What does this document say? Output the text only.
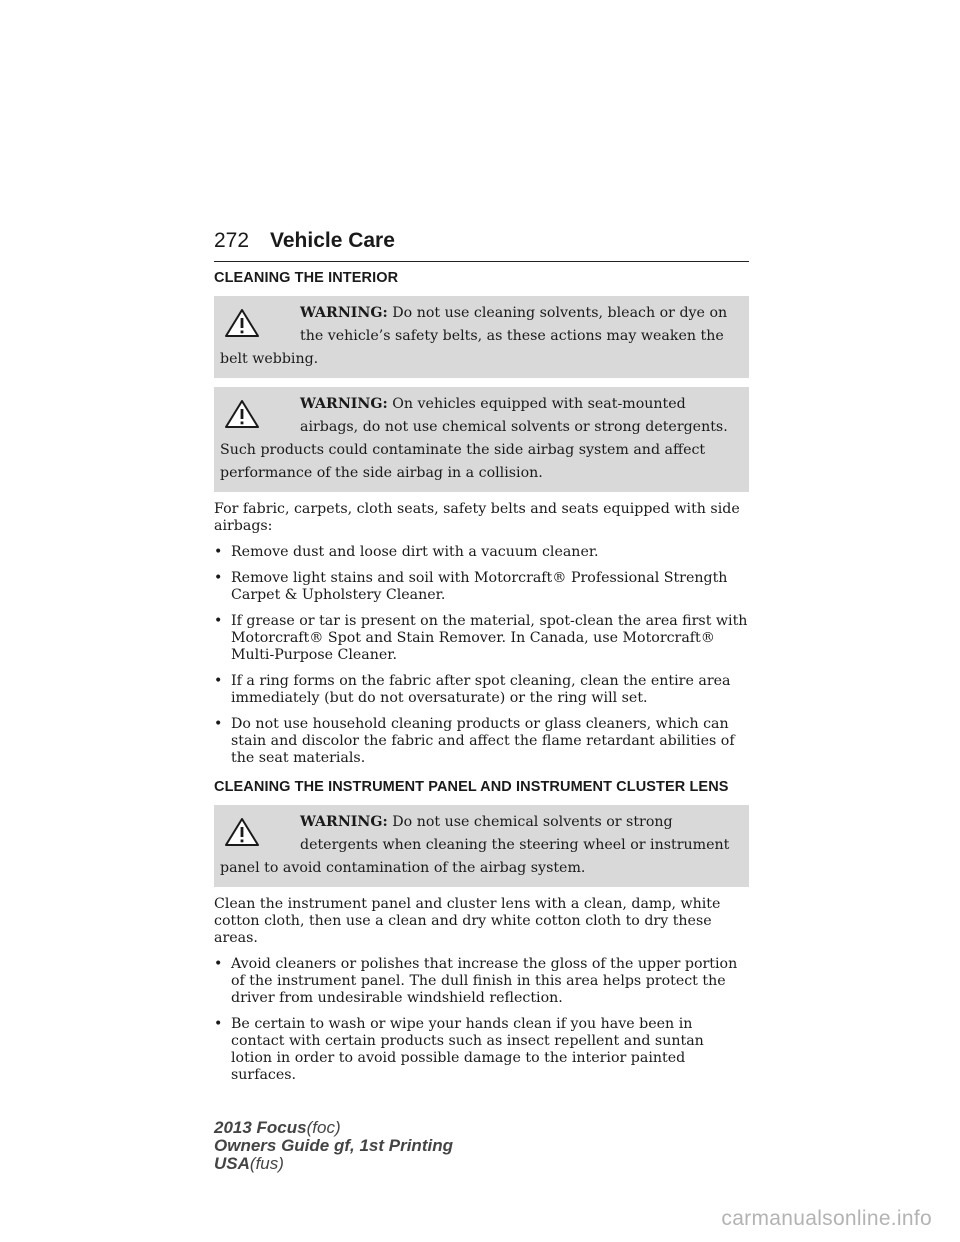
272 Vehicle Care
CLEANING THE INTERIOR
WARNING: Do not use cleaning solvents, bleach or dye on the vehicle’s safety belts, as these actions may weaken the belt webbing.
WARNING: On vehicles equipped with seat-mounted airbags, do not use chemical solvents or strong detergents. Such products could contaminate the side airbag system and affect performance of the side airbag in a collision.

For fabric, carpets, cloth seats, safety belts and seats equipped with side airbags:

• Remove dust and loose dirt with a vacuum cleaner.
• Remove light stains and soil with Motorcraft® Professional Strength Carpet & Upholstery Cleaner.
• If grease or tar is present on the material, spot-clean the area first with Motorcraft® Spot and Stain Remover. In Canada, use Motorcraft® Multi-Purpose Cleaner.
• If a ring forms on the fabric after spot cleaning, clean the entire area immediately (but do not oversaturate) or the ring will set.
• Do not use household cleaning products or glass cleaners, which can stain and discolor the fabric and affect the flame retardant abilities of the seat materials.
CLEANING THE INSTRUMENT PANEL AND INSTRUMENT CLUSTER LENS
WARNING: Do not use chemical solvents or strong detergents when cleaning the steering wheel or instrument panel to avoid contamination of the airbag system.

Clean the instrument panel and cluster lens with a clean, damp, white cotton cloth, then use a clean and dry white cotton cloth to dry these areas.

• Avoid cleaners or polishes that increase the gloss of the upper portion of the instrument panel. The dull finish in this area helps protect the driver from undesirable windshield reflection.
• Be certain to wash or wipe your hands clean if you have been in contact with certain products such as insect repellent and suntan lotion in order to avoid possible damage to the interior painted surfaces.
2013 Focus(foc)
Owners Guide gf, 1st Printing
USA(fus)
carmanualsonline.info
